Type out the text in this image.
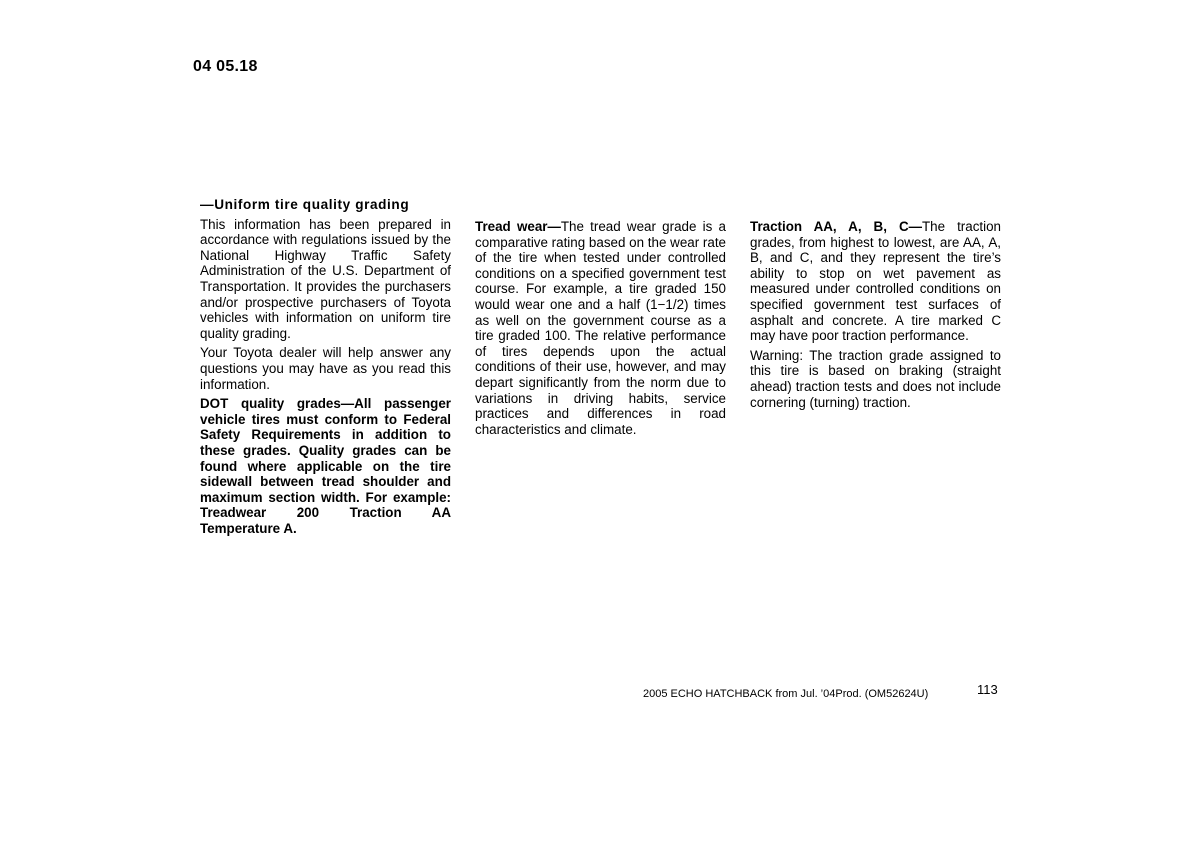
04 05.18

—Uniform tire quality grading

This information has been prepared in accordance with regulations issued by the National Highway Traffic Safety Administration of the U.S. Department of Transportation. It provides the purchasers and/or prospective purchasers of Toyota vehicles with information on uniform tire quality grading.

Your Toyota dealer will help answer any questions you may have as you read this information.

DOT quality grades—All passenger vehicle tires must conform to Federal Safety Requirements in addition to these grades. Quality grades can be found where applicable on the tire sidewall between tread shoulder and maximum section width. For example: Treadwear 200 Traction AA Temperature A.

Tread wear—The tread wear grade is a comparative rating based on the wear rate of the tire when tested under controlled conditions on a specified government test course. For example, a tire graded 150 would wear one and a half (1−1/2) times as well on the government course as a tire graded 100. The relative performance of tires depends upon the actual conditions of their use, however, and may depart significantly from the norm due to variations in driving habits, service practices and differences in road characteristics and climate.

Traction AA, A, B, C—The traction grades, from highest to lowest, are AA, A, B, and C, and they represent the tire’s ability to stop on wet pavement as measured under controlled conditions on specified government test surfaces of asphalt and concrete. A tire marked C may have poor traction performance.

Warning: The traction grade assigned to this tire is based on braking (straight ahead) traction tests and does not include cornering (turning) traction.

2005 ECHO HATCHBACK from Jul. ’04Prod. (OM52624U)	113
